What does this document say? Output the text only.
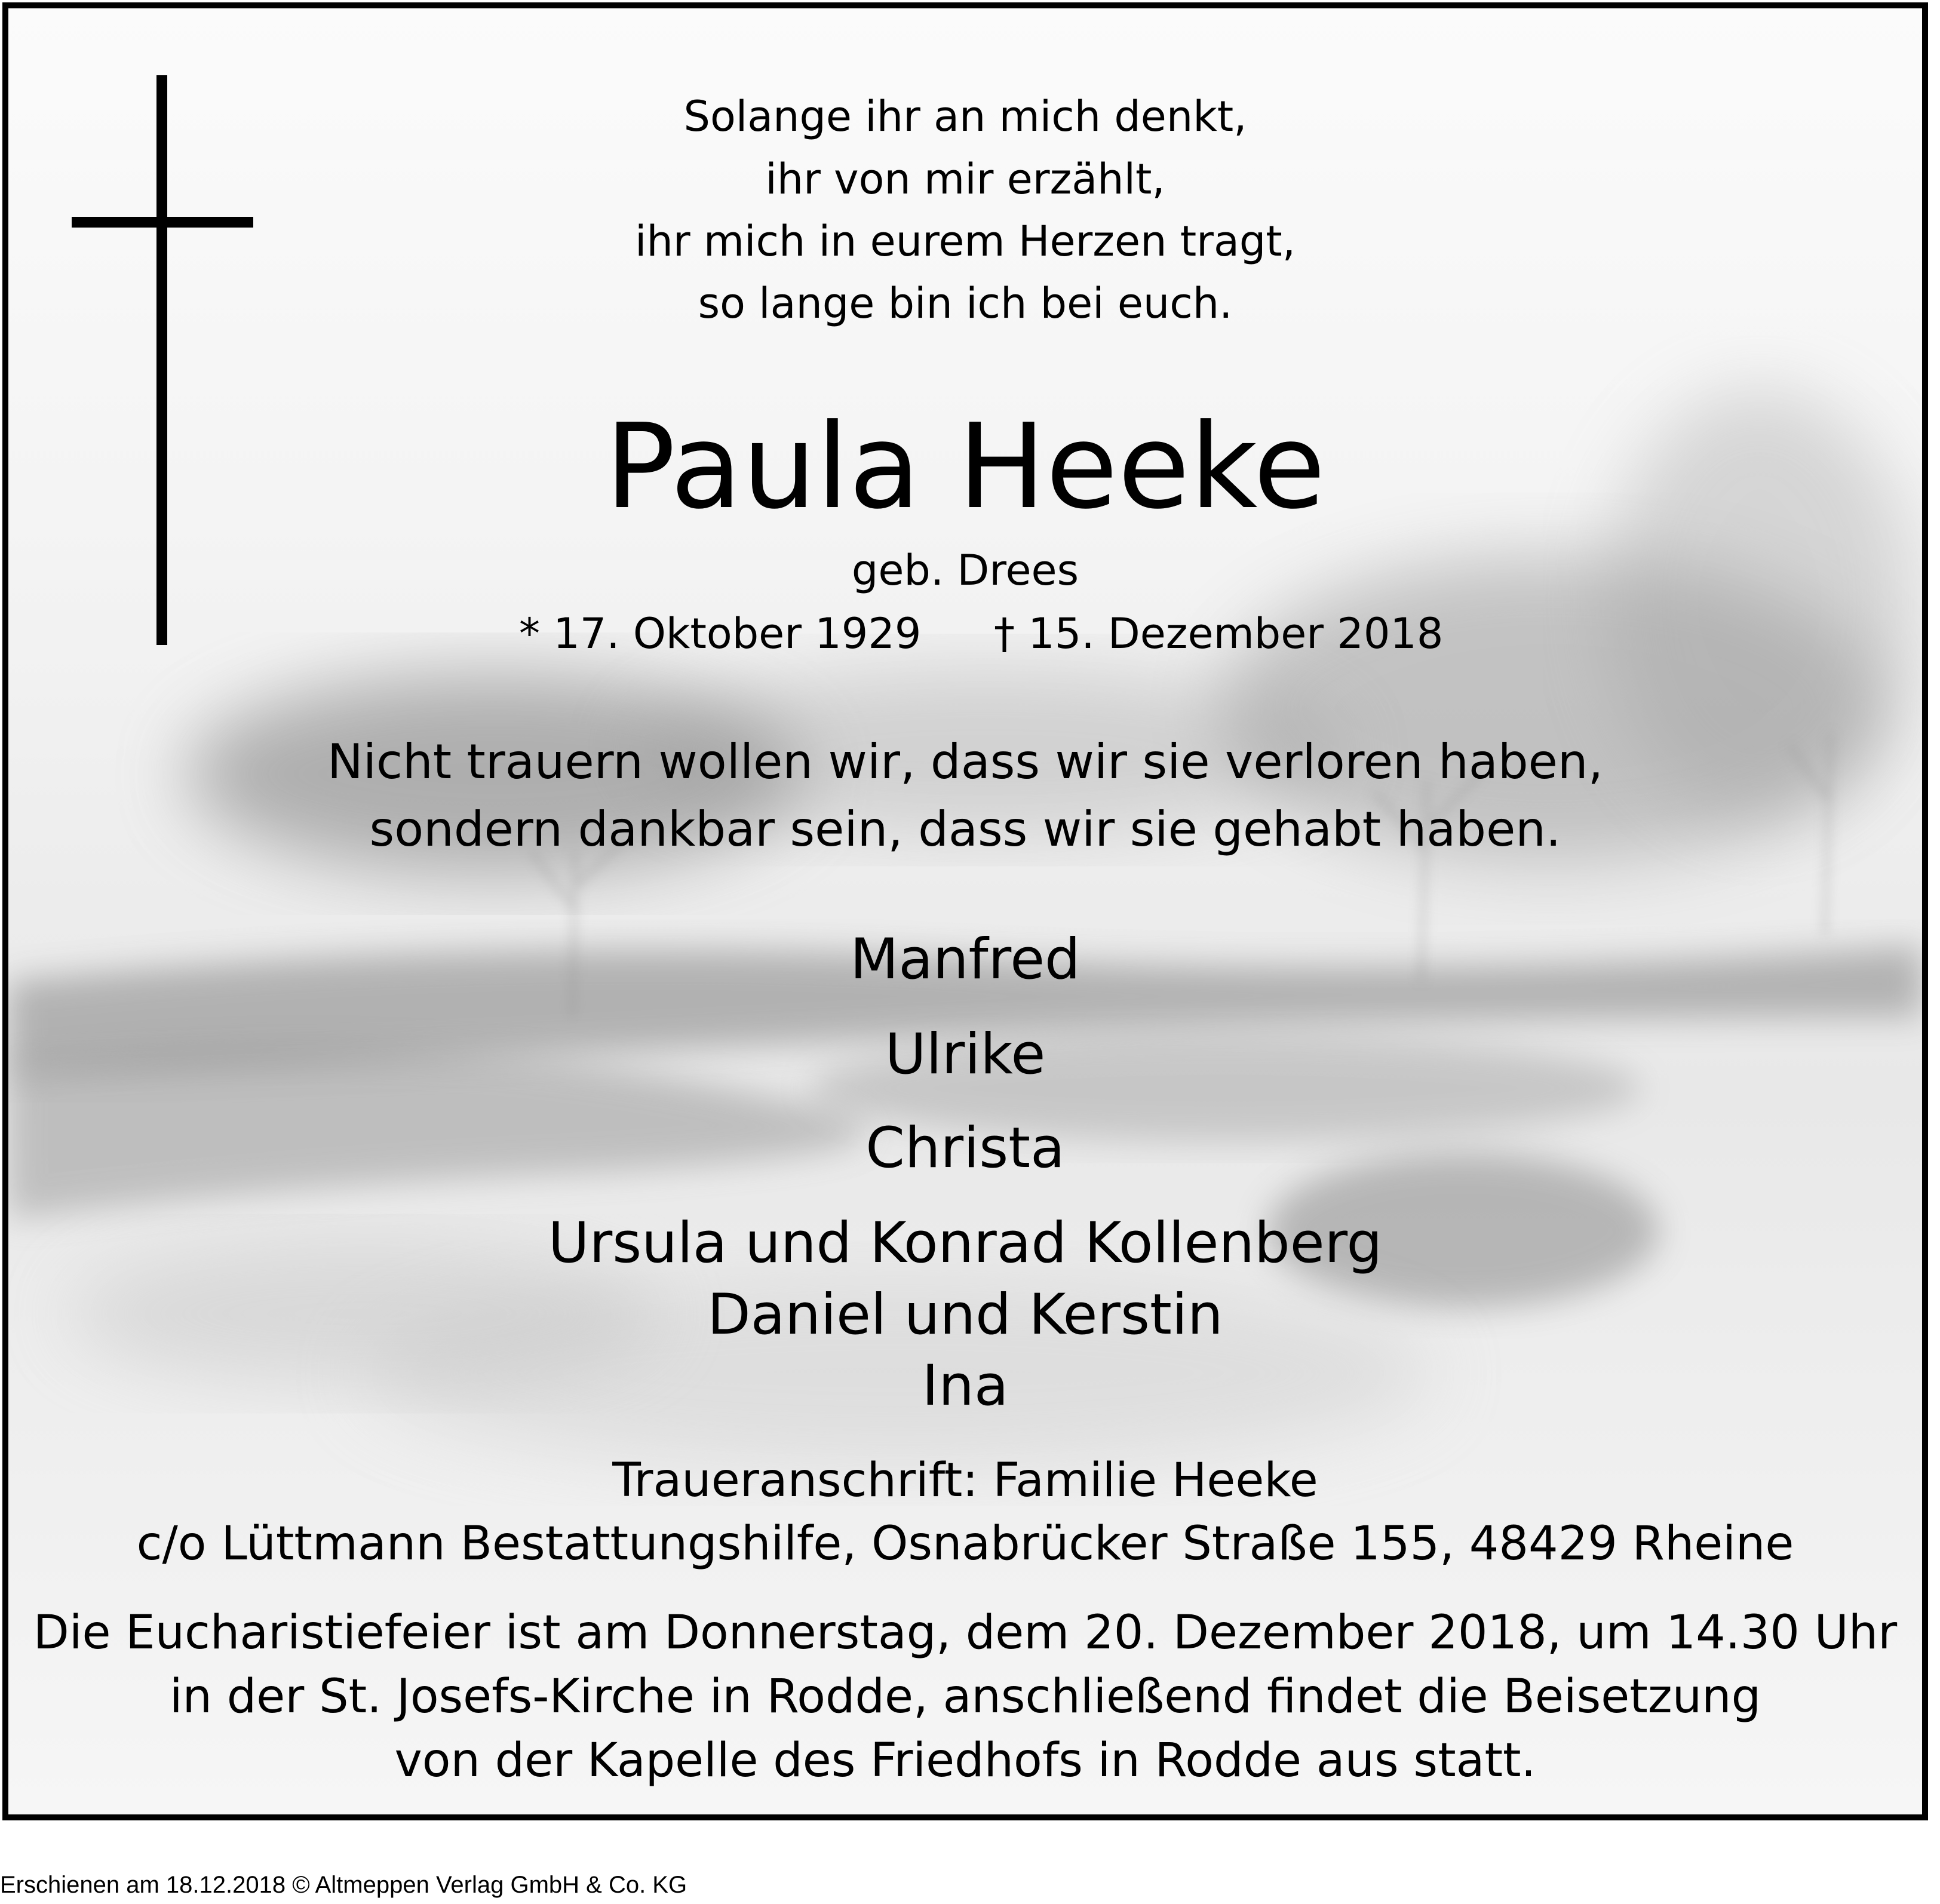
Solange ihr an mich denkt,
ihr von mir erzählt,
ihr mich in eurem Herzen tragt,
so lange bin ich bei euch.
Paula Heeke
geb. Drees
* 17. Oktober 1929 † 15. Dezember 2018
Nicht trauern wollen wir, dass wir sie verloren haben,
sondern dankbar sein, dass wir sie gehabt haben.
Manfred
Ulrike
Christa
Ursula und Konrad Kollenberg
Daniel und Kerstin
Ina
Traueranschrift: Familie Heeke
c/o Lüttmann Bestattungshilfe, Osnabrücker Straße 155, 48429 Rheine
Die Eucharistiefeier ist am Donnerstag, dem 20. Dezember 2018, um 14.30 Uhr
in der St. Josefs-Kirche in Rodde, anschließend findet die Beisetzung
von der Kapelle des Friedhofs in Rodde aus statt.
Erschienen am 18.12.2018 © Altmeppen Verlag GmbH & Co. KG
